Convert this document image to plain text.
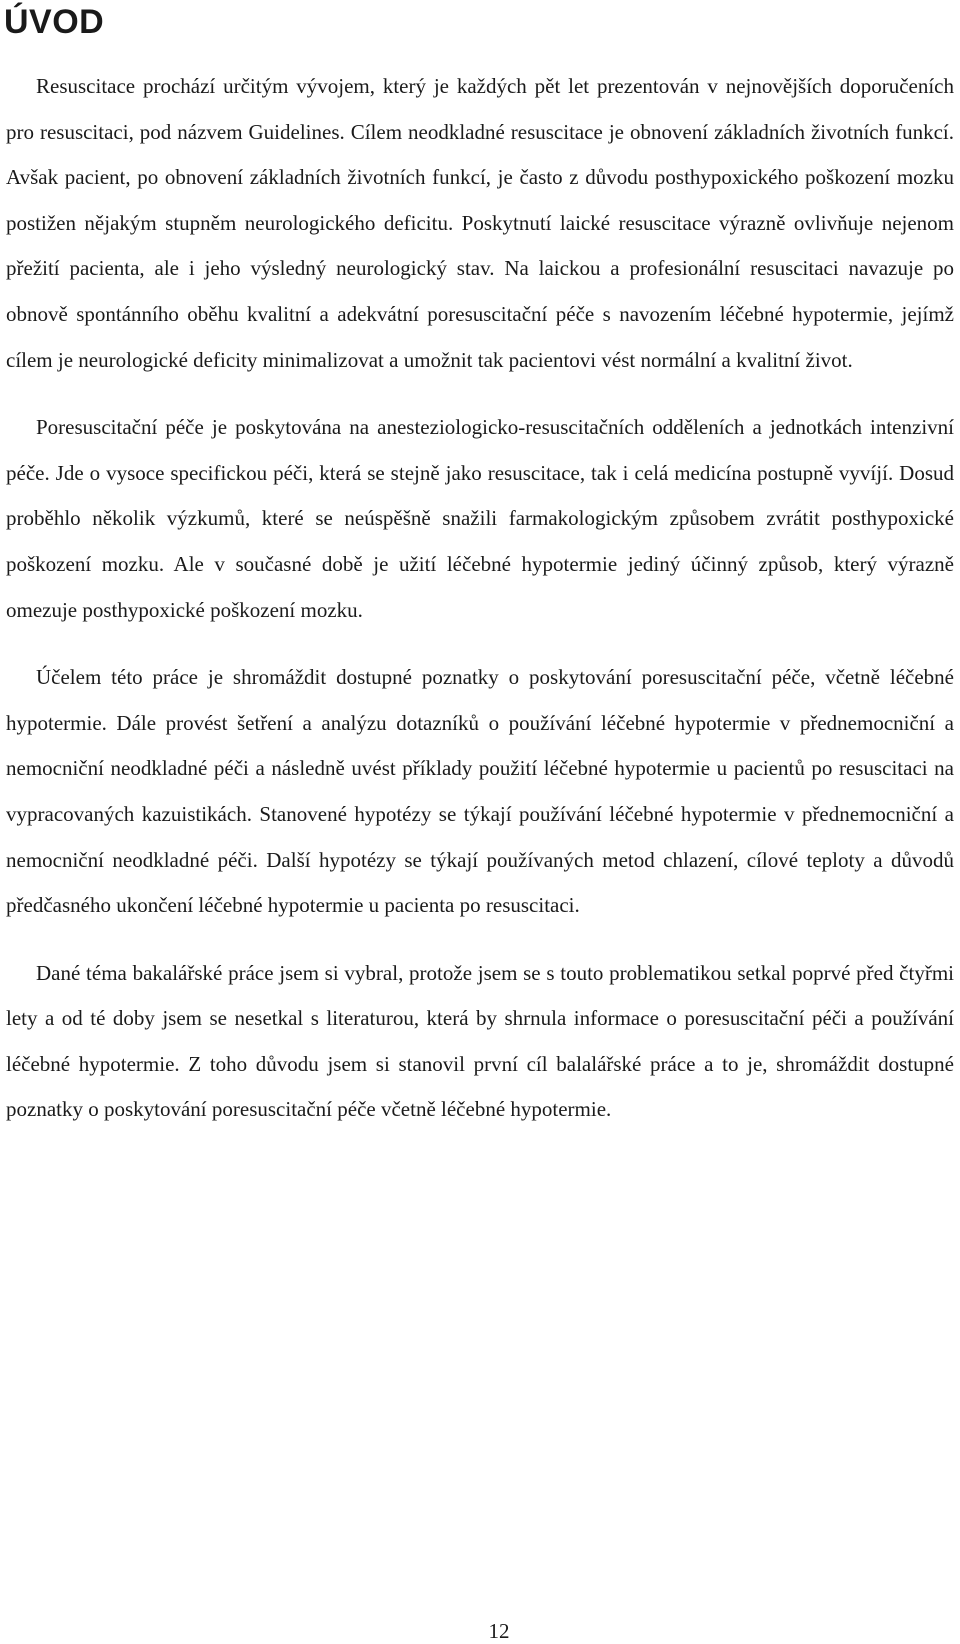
ÚVOD

Resuscitace prochází určitým vývojem, který je každých pět let prezentován v nejnovějších doporučeních pro resuscitaci, pod názvem Guidelines. Cílem neodkladné resuscitace je obnovení základních životních funkcí. Avšak pacient, po obnovení základních životních funkcí, je často z důvodu posthypoxického poškození mozku postižen nějakým stupněm neurologického deficitu. Poskytnutí laické resuscitace výrazně ovlivňuje nejenom přežití pacienta, ale i jeho výsledný neurologický stav. Na laickou a profesionální resuscitaci navazuje po obnově spontánního oběhu kvalitní a adekvátní poresuscitační péče s navozením léčebné hypotermie, jejímž cílem je neurologické deficity minimalizovat a umožnit tak pacientovi vést normální a kvalitní život.

Poresuscitační péče je poskytována na anesteziologicko-resuscitačních odděleních a jednotkách intenzivní péče. Jde o vysoce specifickou péči, která se stejně jako resuscitace, tak i celá medicína postupně vyvíjí. Dosud proběhlo několik výzkumů, které se neúspěšně snažili farmakologickým způsobem zvrátit posthypoxické poškození mozku. Ale v současné době je užití léčebné hypotermie jediný účinný způsob, který výrazně omezuje posthypoxické poškození mozku.

Účelem této práce je shromáždit dostupné poznatky o poskytování poresuscitační péče, včetně léčebné hypotermie. Dále provést šetření a analýzu dotazníků o používání léčebné hypotermie v přednemocniční a nemocniční neodkladné péči a následně uvést příklady použití léčebné hypotermie u pacientů po resuscitaci na vypracovaných kazuistikách. Stanovené hypotézy se týkají používání léčebné hypotermie v přednemocniční a nemocniční neodkladné péči. Další hypotézy se týkají používaných metod chlazení, cílové teploty a důvodů předčasného ukončení léčebné hypotermie u pacienta po resuscitaci.

Dané téma bakalářské práce jsem si vybral, protože jsem se s touto problematikou setkal poprvé před čtyřmi lety a od té doby jsem se nesetkal s literaturou, která by shrnula informace o poresuscitační péči a používání léčebné hypotermie. Z toho důvodu jsem si stanovil první cíl balalářské práce a to je, shromáždit dostupné poznatky o poskytování poresuscitační péče včetně léčebné hypotermie.

12
